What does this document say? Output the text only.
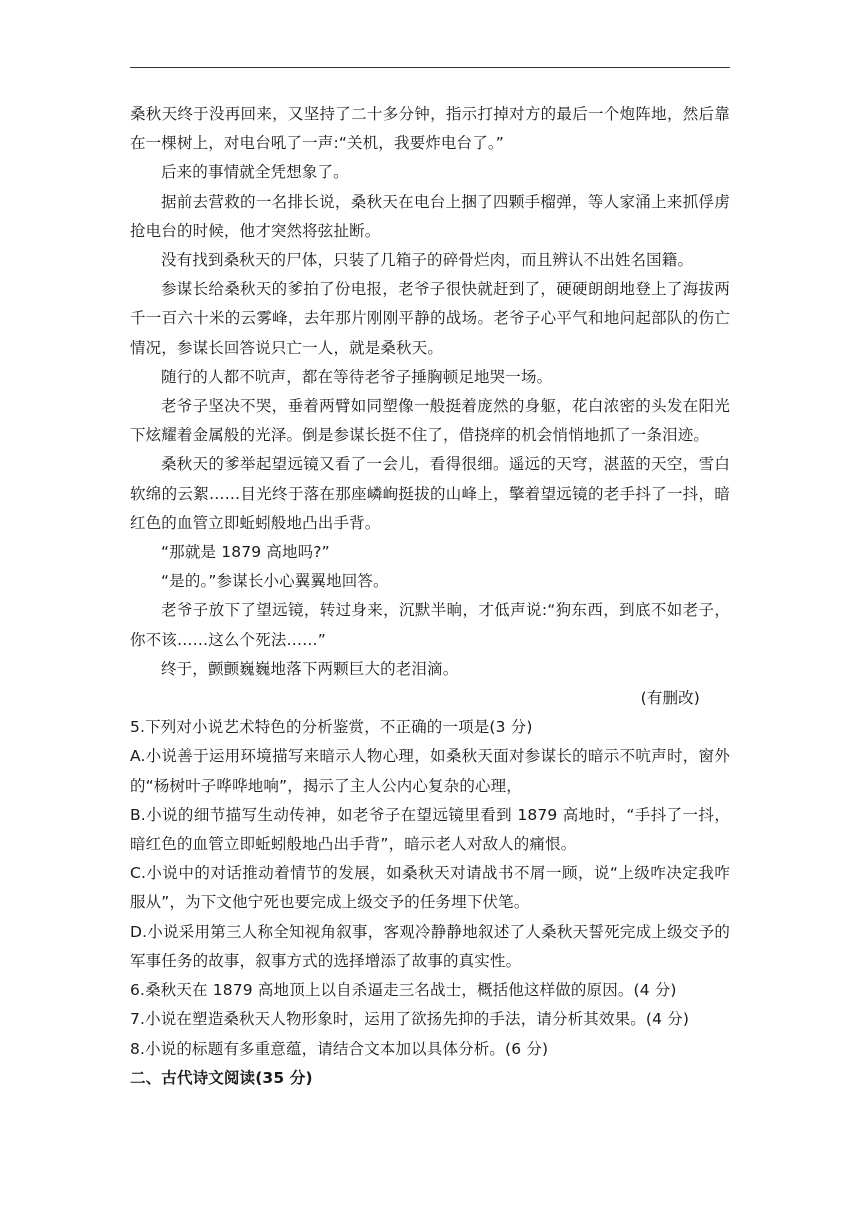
桑秋天终于没再回来，又坚持了二十多分钟，指示打掉对方的最后一个炮阵地，然后靠在一棵树上，对电台吼了一声:“关机，我要炸电台了。”

后来的事情就全凭想象了。

据前去营救的一名排长说，桑秋天在电台上捆了四颗手榴弹，等人家涌上来抓俘虏抢电台的时候，他才突然将弦扯断。

没有找到桑秋天的尸体，只装了几箱子的碎骨烂肉，而且辨认不出姓名国籍。

参谋长给桑秋天的爹拍了份电报，老爷子很快就赶到了，硬硬朗朗地登上了海拔两千一百六十米的云雾峰，去年那片刚刚平静的战场。老爷子心平气和地问起部队的伤亡情况，参谋长回答说只亡一人，就是桑秋天。

随行的人都不吭声，都在等待老爷子捶胸顿足地哭一场。

老爷子坚决不哭，垂着两臂如同塑像一般挺着庞然的身躯，花白浓密的头发在阳光下炫耀着金属般的光泽。倒是参谋长挺不住了，借挠痒的机会悄悄地抓了一条泪迹。

桑秋天的爹举起望远镜又看了一会儿，看得很细。遥远的天穹，湛蓝的天空，雪白软绵的云絮……目光终于落在那座嶙峋挺拔的山峰上，擎着望远镜的老手抖了一抖，暗红色的血管立即蚯蚓般地凸出手背。

“那就是 1879 高地吗?”

“是的。”参谋长小心翼翼地回答。

老爷子放下了望远镜，转过身来，沉默半晌，才低声说:“狗东西，到底不如老子，你不该……这么个死法……”

终于，颤颤巍巍地落下两颗巨大的老泪滴。

(有删改)

5.下列对小说艺术特色的分析鉴赏，不正确的一项是(3 分)

A.小说善于运用环境描写来暗示人物心理，如桑秋天面对参谋长的暗示不吭声时，窗外的“杨树叶子哗哗地响”，揭示了主人公内心复杂的心理，

B.小说的细节描写生动传神，如老爷子在望远镜里看到 1879 高地时，“手抖了一抖，暗红色的血管立即蚯蚓般地凸出手背”，暗示老人对敌人的痛恨。

C.小说中的对话推动着情节的发展，如桑秋天对请战书不屑一顾，说“上级咋决定我咋服从”，为下文他宁死也要完成上级交予的任务埋下伏笔。

D.小说采用第三人称全知视角叙事，客观冷静静地叙述了人桑秋天誓死完成上级交予的军事任务的故事，叙事方式的选择增添了故事的真实性。

6.桑秋天在 1879 高地顶上以自杀逼走三名战士，概括他这样做的原因。(4 分)

7.小说在塑造桑秋天人物形象时，运用了欲扬先抑的手法，请分析其效果。(4 分)

8.小说的标题有多重意蕴，请结合文本加以具体分析。(6 分)

二、古代诗文阅读(35 分)
